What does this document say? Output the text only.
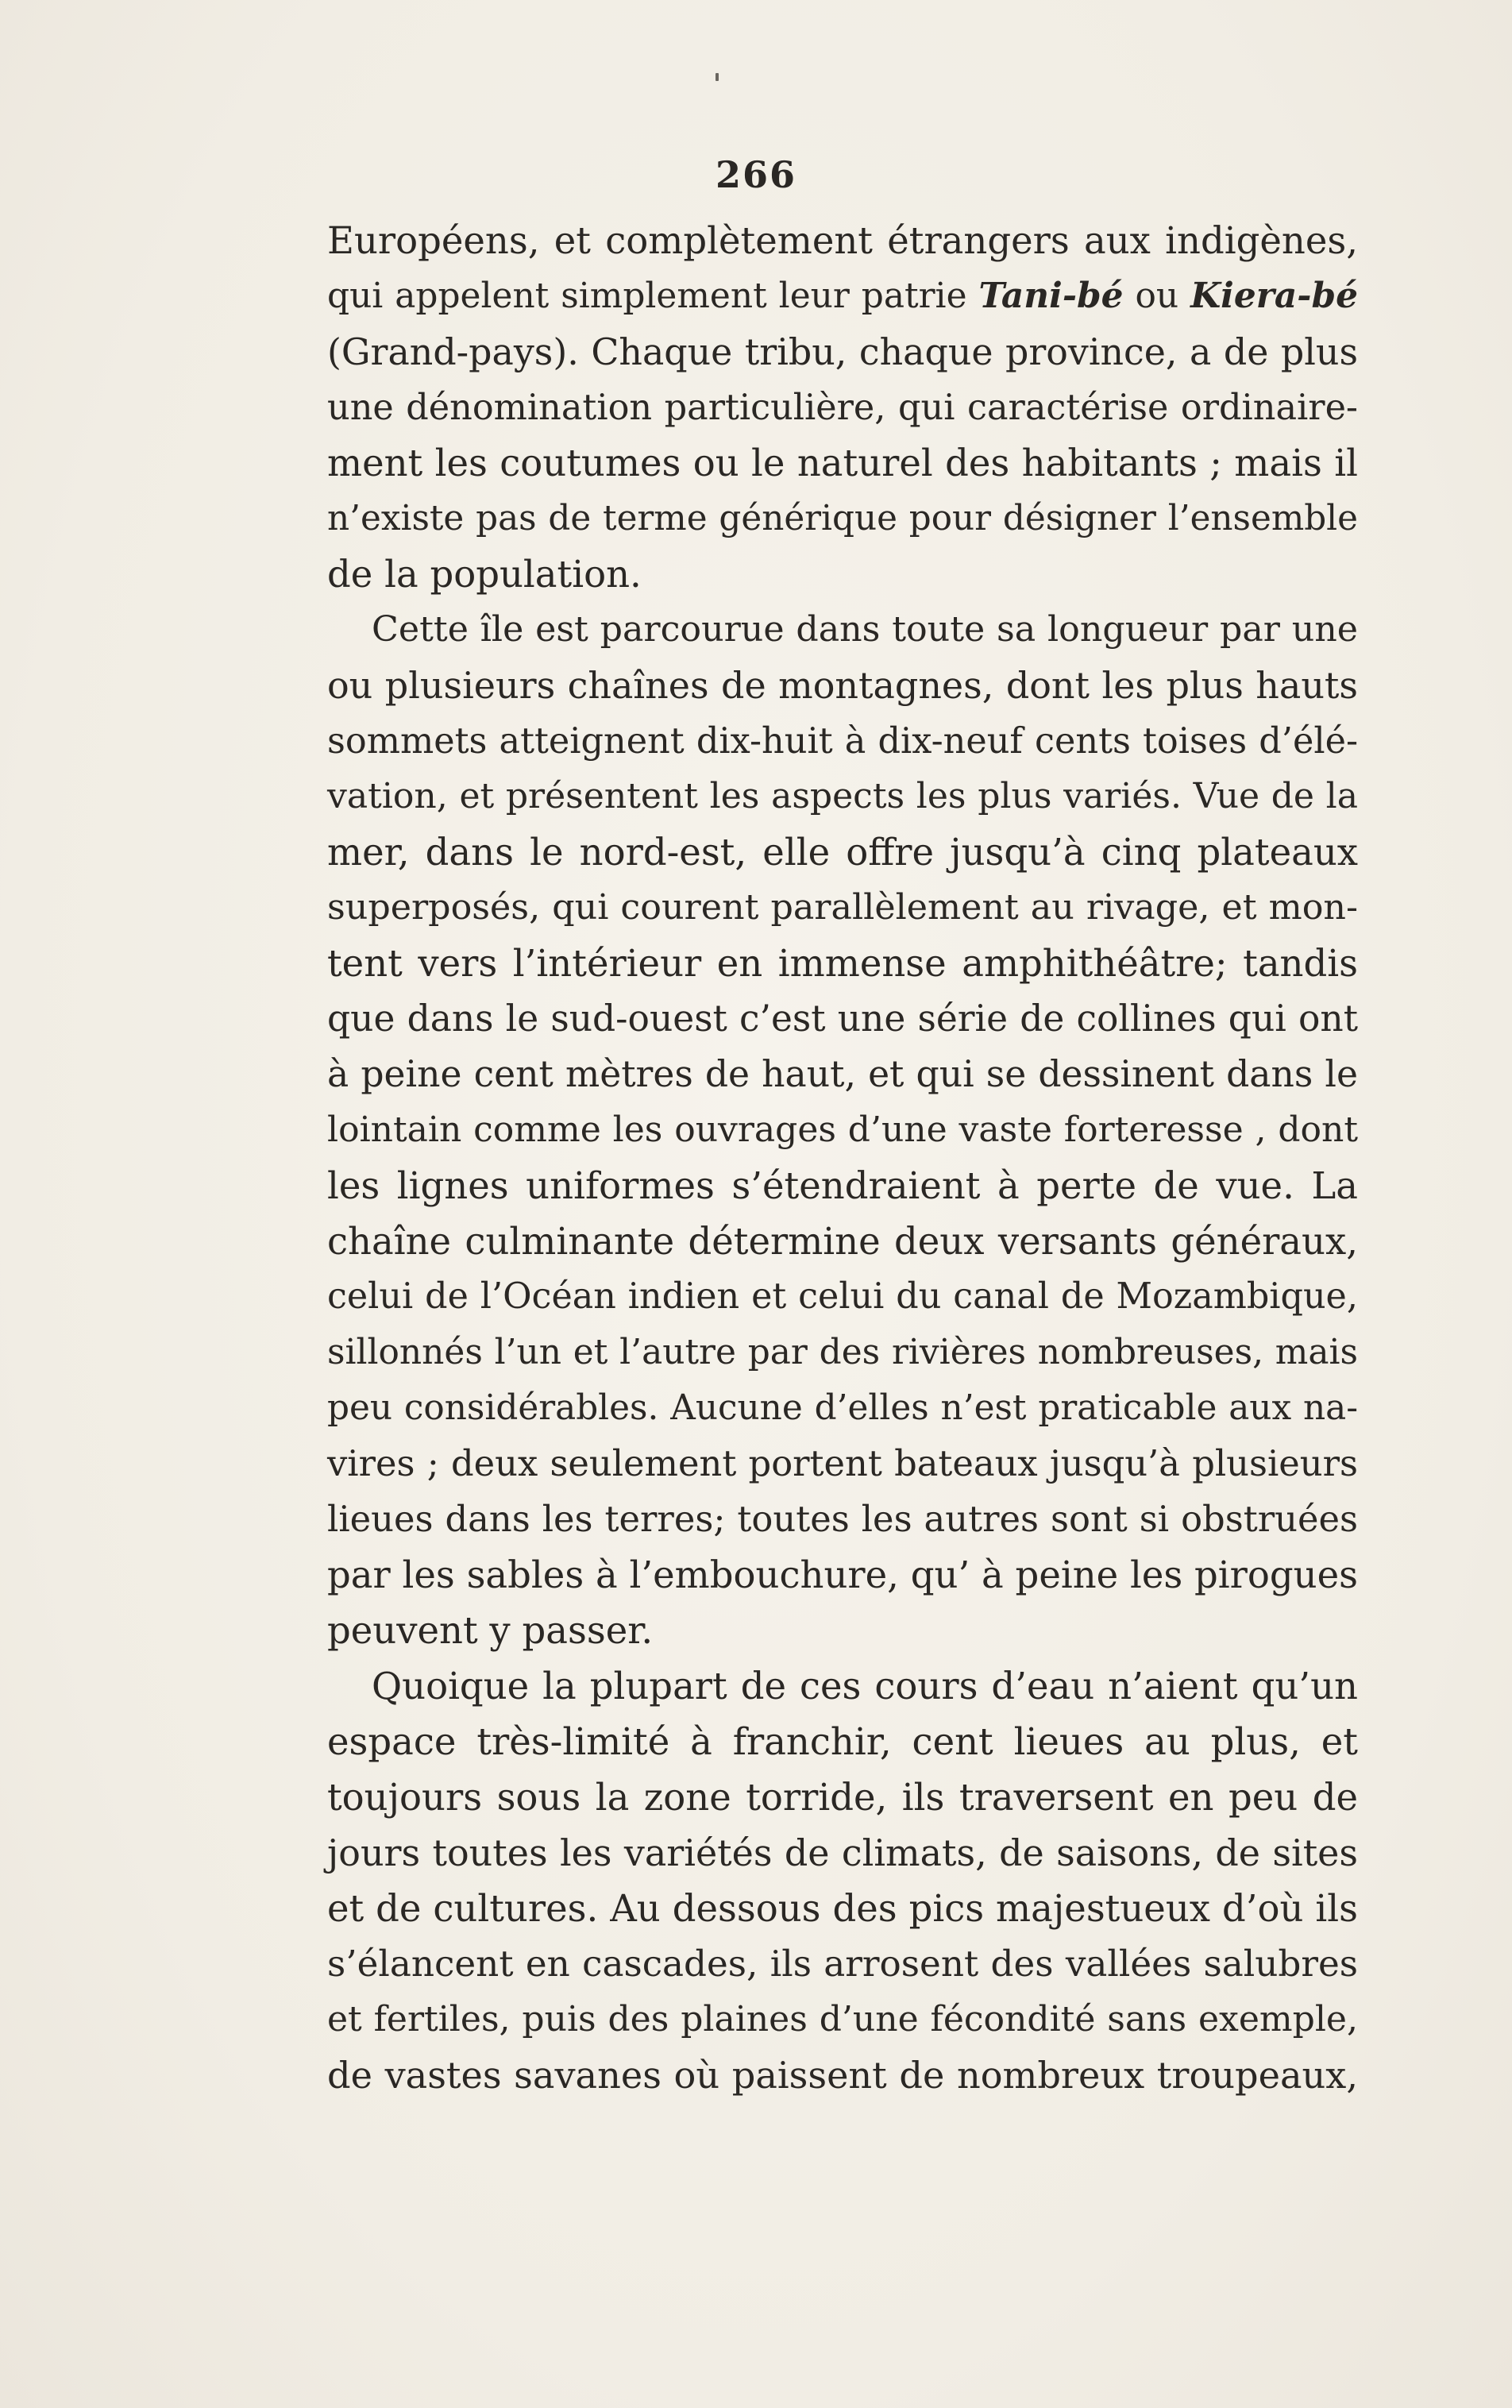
266
Européens, et complètement étrangers aux indigènes,
qui appelent simplement leur patrie Tani-bé ou Kiera-bé
(Grand-pays). Chaque tribu, chaque province, a de plus
une dénomination particulière, qui caractérise ordinaire-
ment les coutumes ou le naturel des habitants ; mais il
n’existe pas de terme générique pour désigner l’ensemble
de la population.
Cette île est parcourue dans toute sa longueur par une
ou plusieurs chaînes de montagnes, dont les plus hauts
sommets atteignent dix-huit à dix-neuf cents toises d’élé-
vation, et présentent les aspects les plus variés. Vue de la
mer, dans le nord-est, elle offre jusqu’à cinq plateaux
superposés, qui courent parallèlement au rivage, et mon-
tent vers l’intérieur en immense amphithéâtre; tandis
que dans le sud-ouest c’est une série de collines qui ont
à peine cent mètres de haut, et qui se dessinent dans le
lointain comme les ouvrages d’une vaste forteresse , dont
les lignes uniformes s’étendraient à perte de vue. La
chaîne culminante détermine deux versants généraux,
celui de l’Océan indien et celui du canal de Mozambique,
sillonnés l’un et l’autre par des rivières nombreuses, mais
peu considérables. Aucune d’elles n’est praticable aux na-
vires ; deux seulement portent bateaux jusqu’à plusieurs
lieues dans les terres; toutes les autres sont si obstruées
par les sables à l’embouchure, qu’ à peine les pirogues
peuvent y passer.
Quoique la plupart de ces cours d’eau n’aient qu’un
espace très-limité à franchir, cent lieues au plus, et
toujours sous la zone torride, ils traversent en peu de
jours toutes les variétés de climats, de saisons, de sites
et de cultures. Au dessous des pics majestueux d’où ils
s’élancent en cascades, ils arrosent des vallées salubres
et fertiles, puis des plaines d’une fécondité sans exemple,
de vastes savanes où paissent de nombreux troupeaux,
